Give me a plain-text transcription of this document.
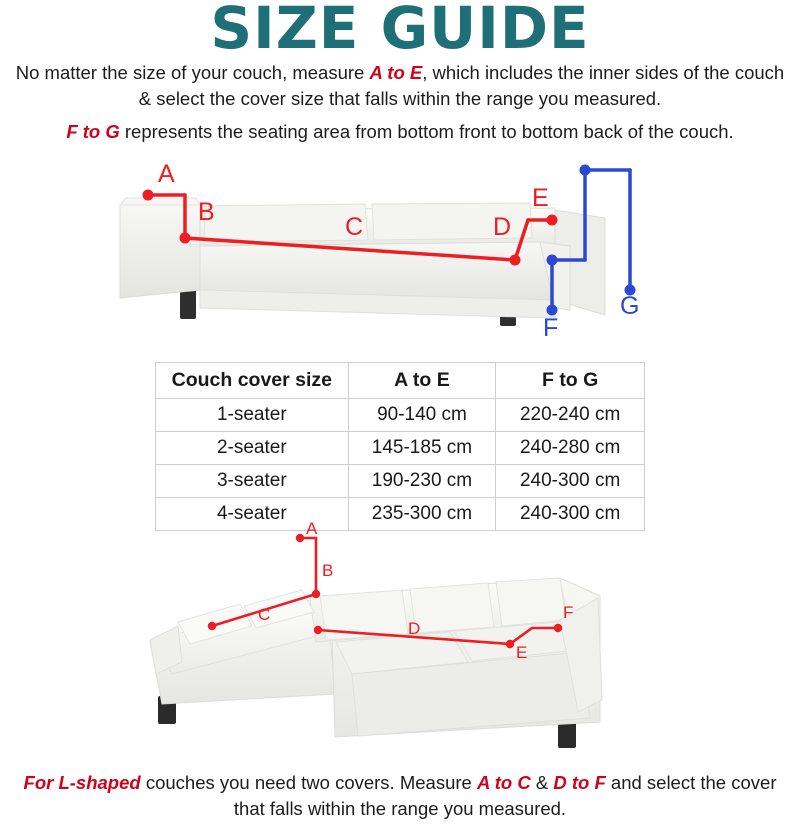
SIZE GUIDE
No matter the size of your couch, measure A to E, which includes the inner sides of the couch & select the cover size that falls within the range you measured.
F to G represents the seating area from bottom front to bottom back of the couch.
A
B
C	D
E
F
G
Couch cover size	A to E	F to G
1-seater	90-140 cm	220-240 cm
2-seater	145-185 cm	240-280 cm
3-seater	190-230 cm	240-300 cm
4-seater	235-300 cm	240-300 cm
A
B
C
D
E
F
For L-shaped couches you need two covers. Measure A to C & D to F and select the cover that falls within the range you measured.
